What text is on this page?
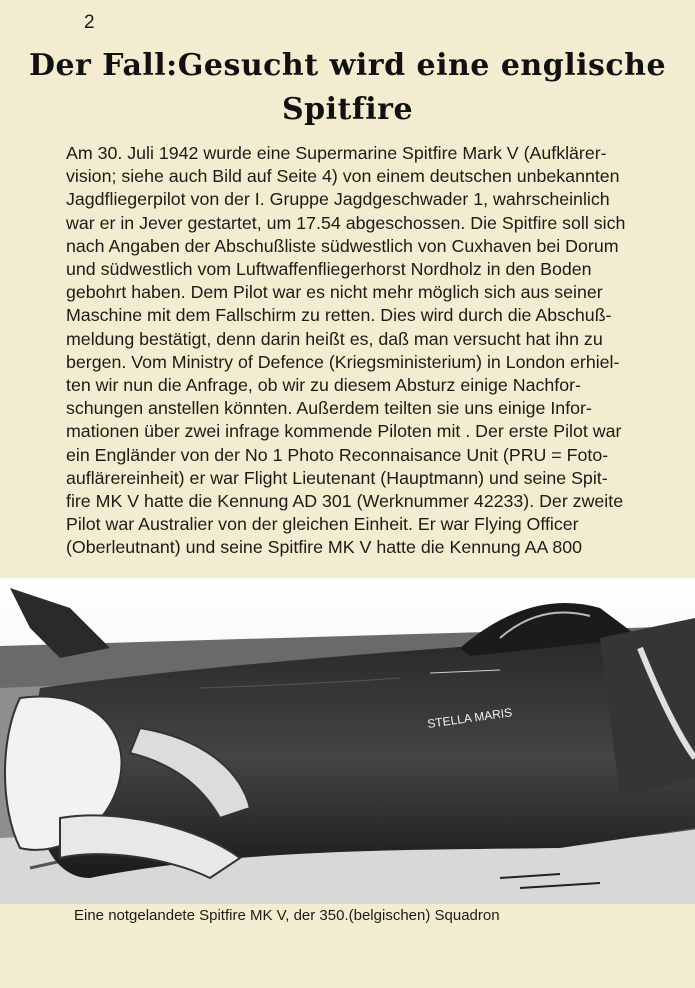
2
Der Fall:Gesucht wird eine englische
Spitfire
Am 30. Juli 1942 wurde eine Supermarine Spitfire Mark V (Aufklärer-
vision; siehe auch Bild auf Seite 4) von einem deutschen unbekannten
Jagdfliegerpilot von der I. Gruppe Jagdgeschwader 1, wahrscheinlich
war er in Jever gestartet, um 17.54 abgeschossen. Die Spitfire soll sich
nach Angaben der Abschußliste südwestlich von Cuxhaven bei Dorum
und südwestlich vom Luftwaffenfliegerhorst Nordholz in den Boden
gebohrt haben. Dem Pilot war es nicht mehr möglich sich aus seiner
Maschine mit dem Fallschirm zu retten. Dies wird durch die Abschuß-
meldung bestätigt, denn darin heißt es, daß man versucht hat ihn zu
bergen. Vom Ministry of Defence (Kriegsministerium) in London erhiel-
ten wir nun die Anfrage, ob wir zu diesem Absturz einige Nachfor-
schungen anstellen könnten. Außerdem teilten sie uns einige Infor-
mationen über zwei infrage kommende Piloten mit . Der erste Pilot war
ein Engländer von der No 1 Photo Reconnaisance Unit (PRU = Foto-
auflärereinheit) er war Flight Lieutenant (Hauptmann) und seine Spit-
fire MK V hatte die Kennung AD 301 (Werknummer 42233). Der zweite
Pilot war Australier von der gleichen Einheit. Er war Flying Officer
(Oberleutnant) und seine Spitfire MK V hatte die Kennung AA 800
STELLA MARIS
Eine notgelandete Spitfire MK V, der 350.(belgischen) Squadron
